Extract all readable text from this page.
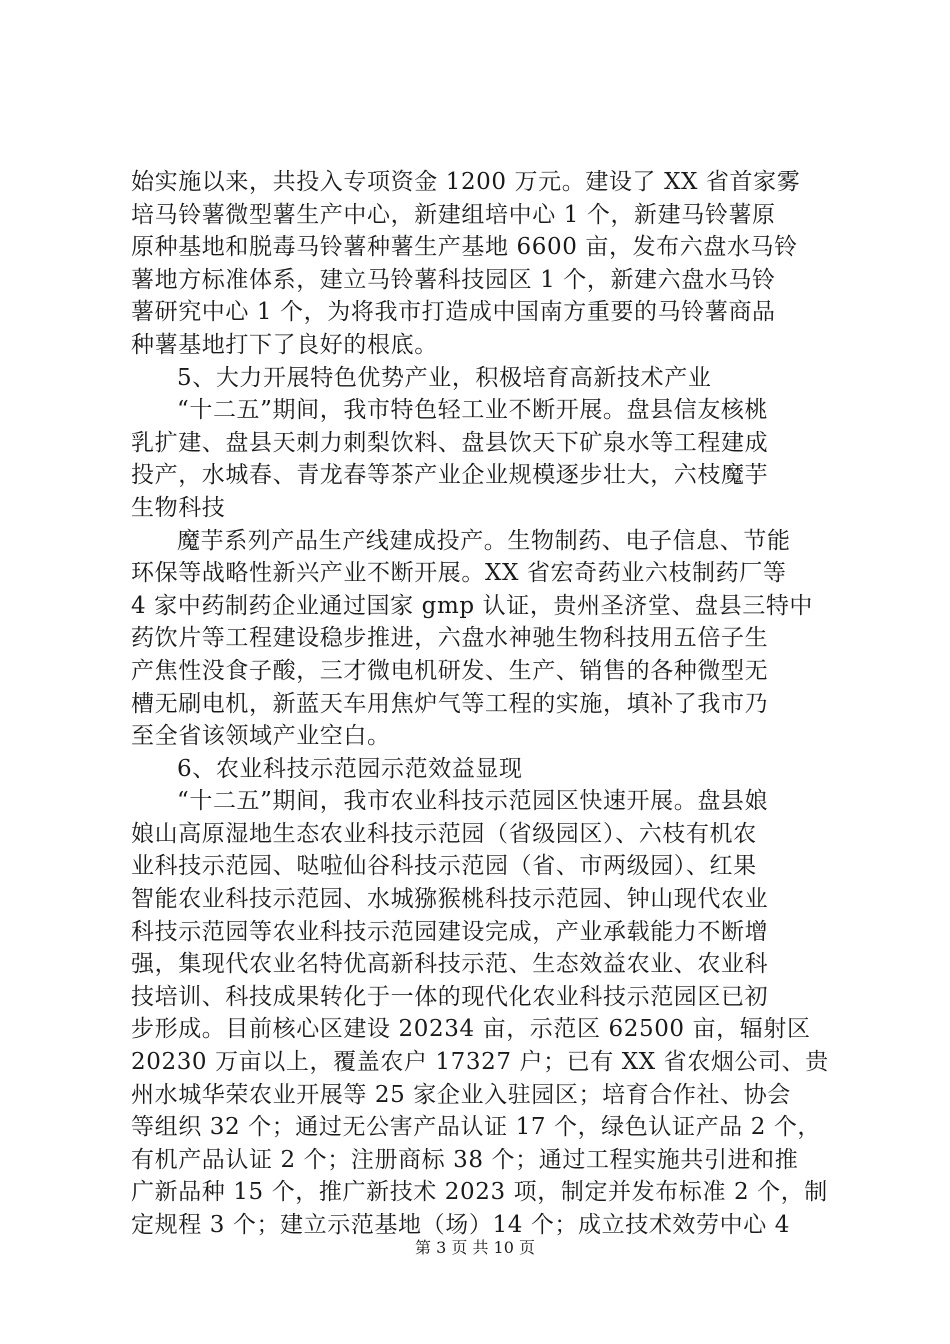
始实施以来，共投入专项资金 1200 万元。建设了 XX 省首家雾
培马铃薯微型薯生产中心，新建组培中心 1 个，新建马铃薯原
原种基地和脱毒马铃薯种薯生产基地 6600 亩，发布六盘水马铃
薯地方标准体系，建立马铃薯科技园区 1 个，新建六盘水马铃
薯研究中心 1 个，为将我市打造成中国南方重要的马铃薯商品
种薯基地打下了良好的根底。
5、大力开展特色优势产业，积极培育高新技术产业
“十二五”期间，我市特色轻工业不断开展。盘县信友核桃
乳扩建、盘县天刺力刺梨饮料、盘县饮天下矿泉水等工程建成
投产，水城春、青龙春等茶产业企业规模逐步壮大，六枝魔芋
生物科技
魔芋系列产品生产线建成投产。生物制药、电子信息、节能
环保等战略性新兴产业不断开展。XX 省宏奇药业六枝制药厂等
4 家中药制药企业通过国家 gmp 认证，贵州圣济堂、盘县三特中
药饮片等工程建设稳步推进，六盘水神驰生物科技用五倍子生
产焦性没食子酸，三才微电机研发、生产、销售的各种微型无
槽无刷电机，新蓝天车用焦炉气等工程的实施，填补了我市乃
至全省该领域产业空白。
6、农业科技示范园示范效益显现
“十二五”期间，我市农业科技示范园区快速开展。盘县娘
娘山高原湿地生态农业科技示范园（省级园区）、六枝有机农
业科技示范园、哒啦仙谷科技示范园（省、市两级园）、红果
智能农业科技示范园、水城猕猴桃科技示范园、钟山现代农业
科技示范园等农业科技示范园建设完成，产业承载能力不断增
强，集现代农业名特优高新科技示范、生态效益农业、农业科
技培训、科技成果转化于一体的现代化农业科技示范园区已初
步形成。目前核心区建设 20234 亩，示范区 62500 亩，辐射区
20230 万亩以上，覆盖农户 17327 户；已有 XX 省农烟公司、贵
州水城华荣农业开展等 25 家企业入驻园区；培育合作社、协会
等组织 32 个；通过无公害产品认证 17 个，绿色认证产品 2 个，
有机产品认证 2 个；注册商标 38 个；通过工程实施共引进和推
广新品种 15 个，推广新技术 2023 项，制定并发布标准 2 个，制
定规程 3 个；建立示范基地（场）14 个；成立技术效劳中心 4
第 3 页 共 10 页
